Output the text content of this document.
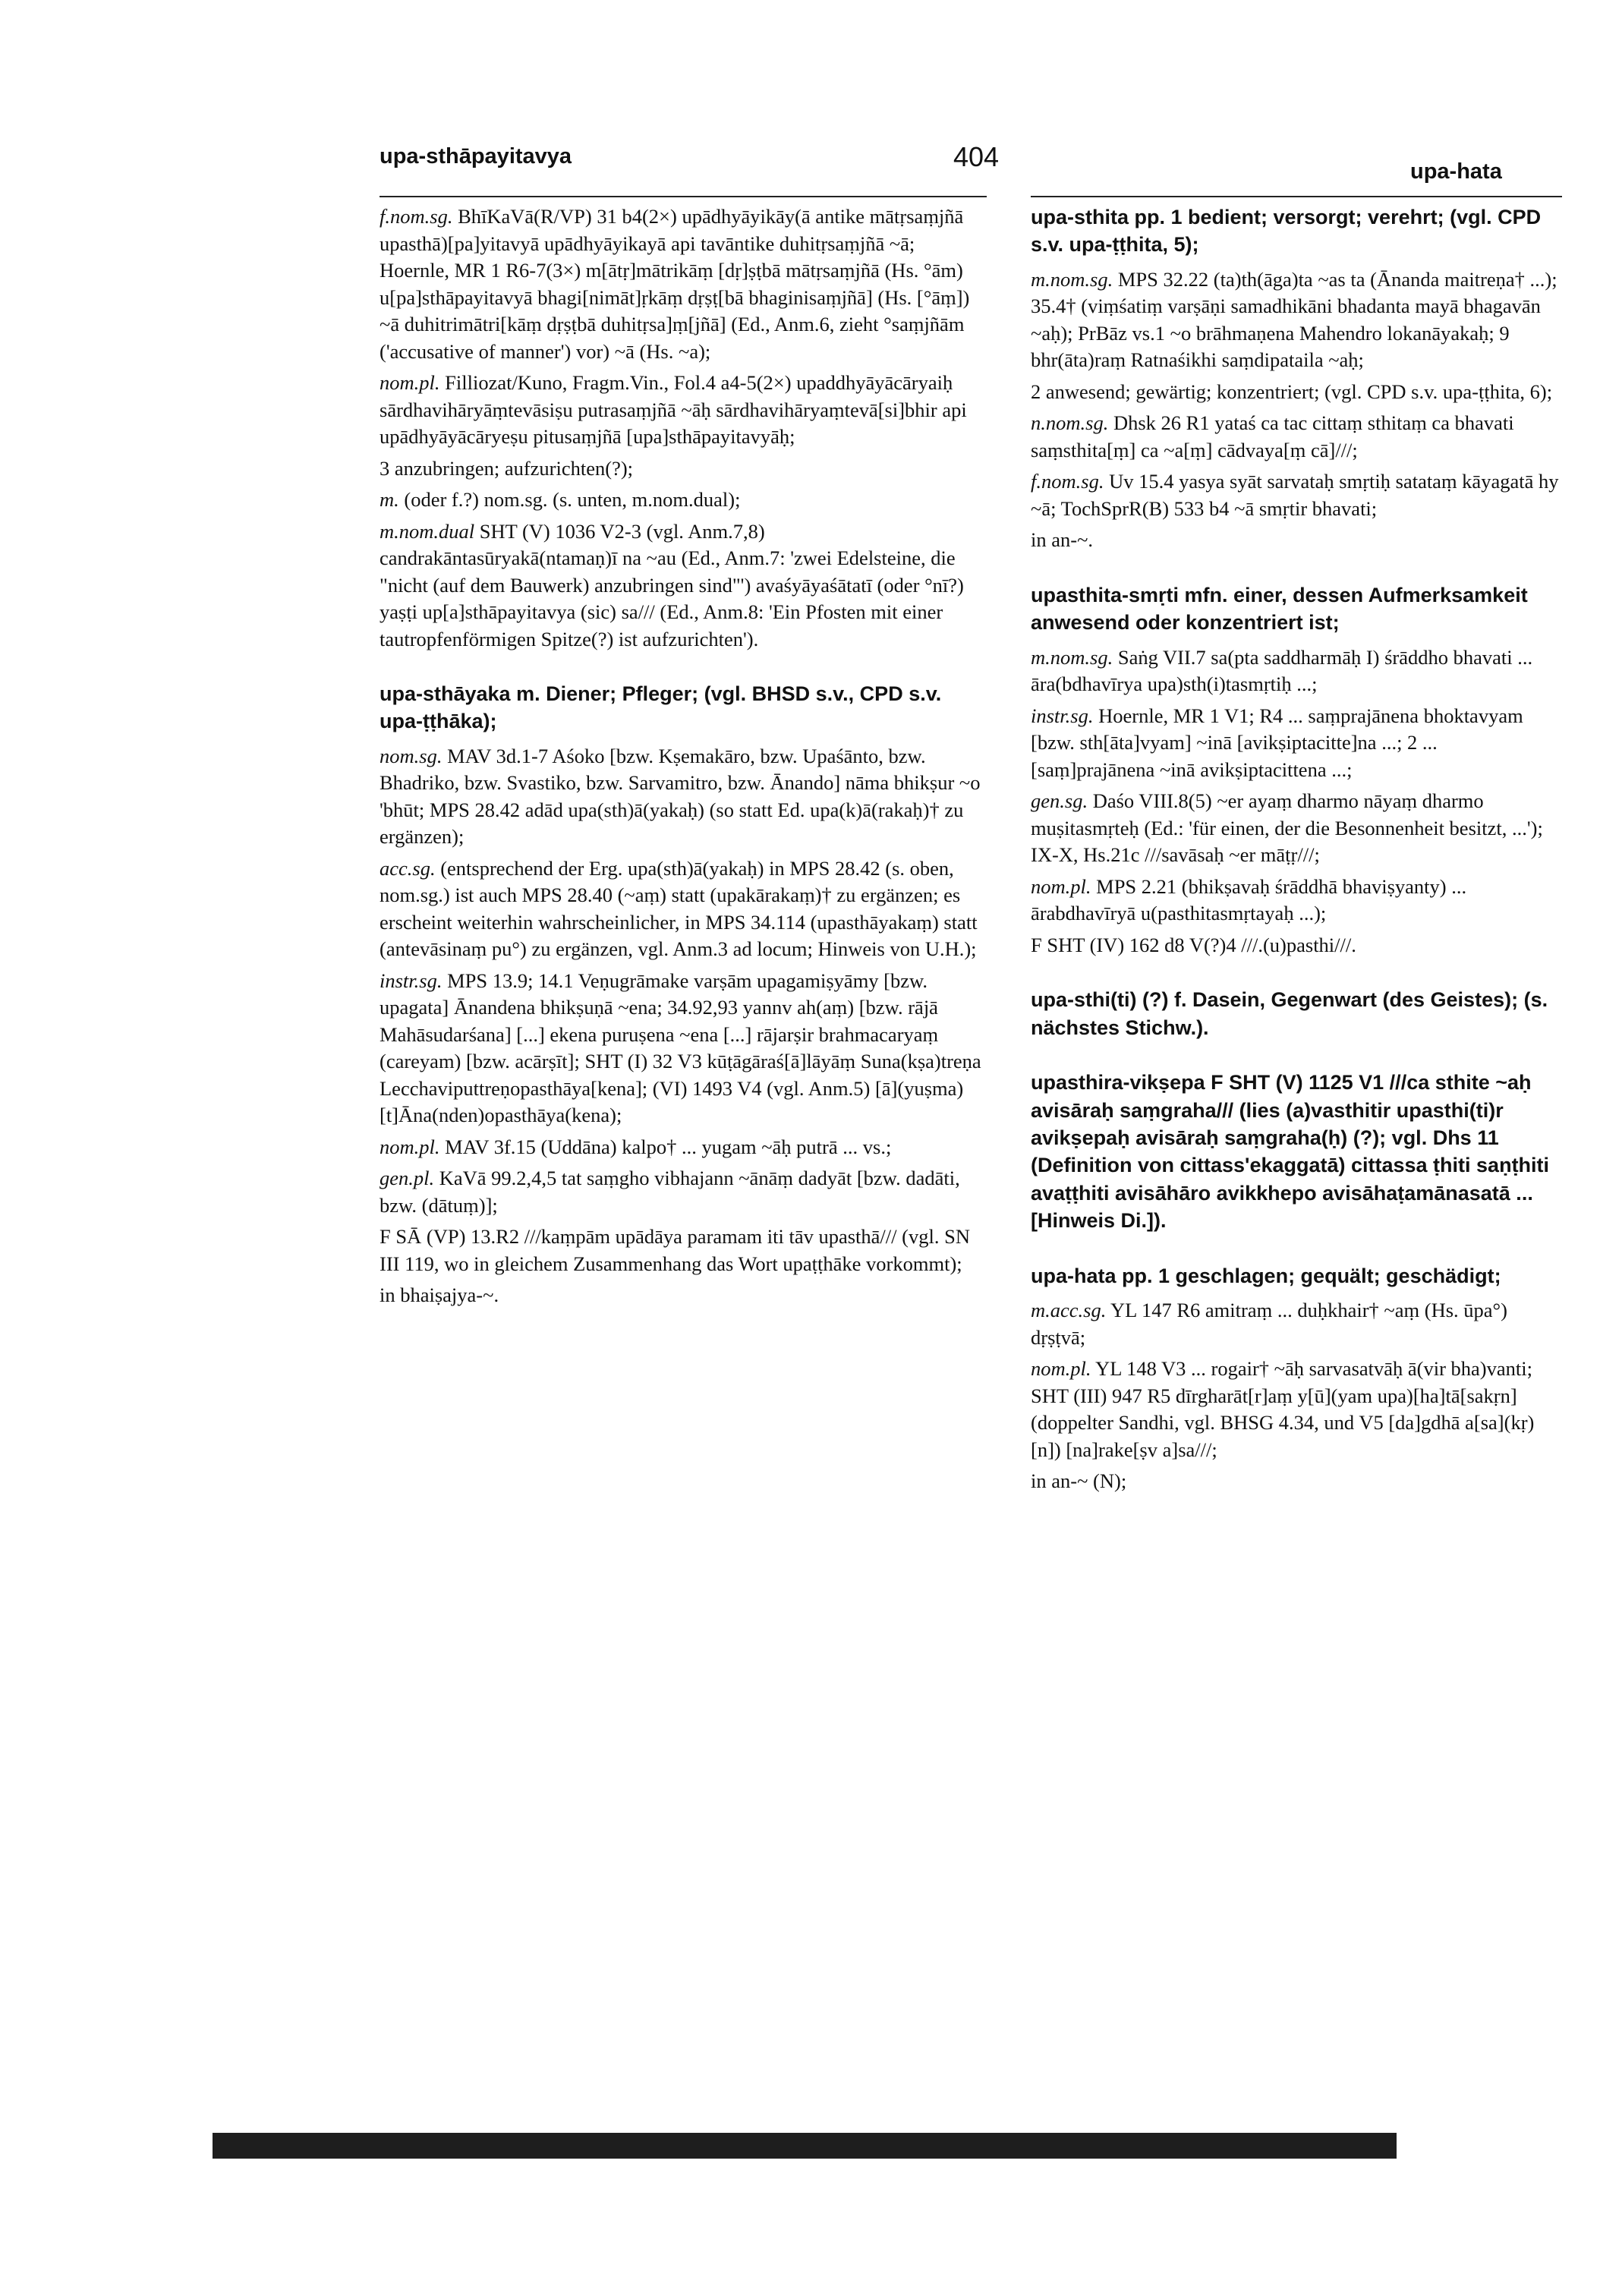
upa-sthāpayitavya	404	upa-hata
f.nom.sg. BhīKaVā(R/VP) 31 b4(2×) upādhyāyikāy(ā antike mātṛsaṃjñā upasthā)[pa]yitavyā upādhyāyikayā api tavāntike duhitṛsaṃjñā ~ā; Hoernle, MR 1 R6-7(3×) m[ātṛ]mātrikāṃ [dṛ]ṣṭbā mātṛsaṃjñā (Hs. °ām) u[pa]sthāpayitavyā bhagi[nimāt]ṛkāṃ dṛṣṭ[bā bhaginisaṃjñā] (Hs. [°āṃ]) ~ā duhitrimātri[kāṃ dṛṣṭbā duhitṛsa]ṃ[jñā] (Ed., Anm.6, zieht °saṃjñām ('accusative of manner') vor) ~ā (Hs. ~a);
nom.pl. Filliozat/Kuno, Fragm.Vin., Fol.4 a4-5(2×) upaddhyāyācāryaiḥ sārdhavihāryāṃtevāsiṣu putrasaṃjñā ~āḥ sārdhavihāryaṃtevā[si]bhir api upādhyāyācāryeṣu pitusaṃjñā [upa]sthāpayitavyāḥ;
3 anzubringen; aufzurichten(?);
m. (oder f.?) nom.sg. (s. unten, m.nom.dual);
m.nom.dual SHT (V) 1036 V2-3 (vgl. Anm.7,8) candrakāntasūryakā(ntamaṇ)ī na ~au (Ed., Anm.7: 'zwei Edelsteine, die "nicht (auf dem Bauwerk) anzubringen sind"') avaśyāyaśātatī (oder °nī?) yaṣṭi up[a]sthāpayitavya (sic) sa/// (Ed., Anm.8: 'Ein Pfosten mit einer tautropfenförmigen Spitze(?) ist aufzurichten').
upa-sthāyaka m. Diener; Pfleger; (vgl. BHSD s.v., CPD s.v. upa-ṭṭhāka);
nom.sg. MAV 3d.1-7 Aśoko [bzw. Kṣemakāro, bzw. Upaśānto, bzw. Bhadriko, bzw. Svastiko, bzw. Sarvamitro, bzw. Ānando] nāma bhikṣur ~o 'bhūt; MPS 28.42 adād upa(sth)ā(yakaḥ) (so statt Ed. upa(k)ā(rakaḥ)† zu ergänzen);
acc.sg. (entsprechend der Erg. upa(sth)ā(yakaḥ) in MPS 28.42 (s. oben, nom.sg.) ist auch MPS 28.40 (~aṃ) statt (upakārakaṃ)† zu ergänzen; es erscheint weiterhin wahrscheinlicher, in MPS 34.114 (upasthāyakaṃ) statt (antevāsinaṃ pu°) zu ergänzen, vgl. Anm.3 ad locum; Hinweis von U.H.);
instr.sg. MPS 13.9; 14.1 Veṇugrāmake varṣām upagamiṣyāmy [bzw. upagata] Ānandena bhikṣuṇā ~ena; 34.92,93 yannv ah(aṃ) [bzw. rājā Mahāsudarśana] [...] ekena puruṣena ~ena [...] rājarṣir brahmacaryaṃ (careyam) [bzw. acārṣīt]; SHT (I) 32 V3 kūṭāgāraś[ā]lāyāṃ Suna(kṣa)treṇa Lecchaviputtreṇopasthāya[kena]; (VI) 1493 V4 (vgl. Anm.5) [ā](yuṣma)[t]Āna(nden)opasthāya(kena);
nom.pl. MAV 3f.15 (Uddāna) kalpo† ... yugam ~āḥ putrā ... vs.;
gen.pl. KaVā 99.2,4,5 tat saṃgho vibhajann ~ānāṃ dadyāt [bzw. dadāti, bzw. (dātuṃ)];
F SĀ (VP) 13.R2 ///kaṃpām upādāya paramam iti tāv upasthā/// (vgl. SN III 119, wo in gleichem Zusammenhang das Wort upaṭṭhāke vorkommt);
in bhaiṣajya-~.
upa-sthita pp. 1 bedient; versorgt; verehrt; (vgl. CPD s.v. upa-ṭṭhita, 5);
m.nom.sg. MPS 32.22 (ta)th(āga)ta ~as ta (Ānanda maitreṇa† ...); 35.4† (viṃśatiṃ varṣāṇi samadhikāni bhadanta mayā bhagavān ~aḥ); PrBāz vs.1 ~o brāhmaṇena Mahendro lokanāyakaḥ; 9 bhr(āta)raṃ Ratnaśikhi saṃdipataila ~aḥ;
2 anwesend; gewärtig; konzentriert; (vgl. CPD s.v. upa-ṭṭhita, 6);
n.nom.sg. Dhsk 26 R1 yataś ca tac cittaṃ sthitaṃ ca bhavati saṃsthita[ṃ] ca ~a[ṃ] cādvaya[ṃ cā]///;
f.nom.sg. Uv 15.4 yasya syāt sarvataḥ smṛtiḥ satataṃ kāyagatā hy ~ā; TochSprR(B) 533 b4 ~ā smṛtir bhavati;
in an-~.
upasthita-smṛti mfn. einer, dessen Aufmerksamkeit anwesend oder konzentriert ist;
m.nom.sg. Saṅg VII.7 sa(pta saddharmāḥ I) śrāddho bhavati ... āra(bdhavīrya upa)sth(i)tasmṛtiḥ ...;
instr.sg. Hoernle, MR 1 V1; R4 ... saṃprajānena bhoktavyam [bzw. sth[āta]vyam] ~inā [avikṣiptacitte]na ...; 2 ... [saṃ]prajānena ~inā avikṣiptacittena ...;
gen.sg. Daśo VIII.8(5) ~er ayaṃ dharmo nāyaṃ dharmo muṣitasmṛteḥ (Ed.: 'für einen, der die Besonnenheit besitzt, ...'); IX-X, Hs.21c ///savāsaḥ ~er māṭṛ///;
nom.pl. MPS 2.21 (bhikṣavaḥ śrāddhā bhaviṣyanty) ... ārabdhavīryā u(pasthitasmṛtayaḥ ...);
F SHT (IV) 162 d8 V(?)4 ///.(u)pasthi///.
upa-sthi(ti) (?) f. Dasein, Gegenwart (des Geistes); (s. nächstes Stichw.).
upasthira-vikṣepa F SHT (V) 1125 V1 ///ca sthite ~aḥ avisāraḥ saṃgraha/// (lies (a)vasthitir upasthi(ti)r avikṣepaḥ avisāraḥ saṃgraha(ḥ) (?); vgl. Dhs 11 (Definition von cittass'ekaggatā) cittassa ṭhiti saṇṭhiti avaṭṭhiti avisāhāro avikkhepo avisāhaṭamānasatā ... [Hinweis Di.]).
upa-hata pp. 1 geschlagen; gequält; geschädigt;
m.acc.sg. YL 147 R6 amitraṃ ... duḥkhair† ~aṃ (Hs. ūpa°) dṛṣṭvā;
nom.pl. YL 148 V3 ... rogair† ~āḥ sarvasatvāḥ ā(vir bha)vanti; SHT (III) 947 R5 dīrgharāt[r]aṃ y[ū](yam upa)[ha]tā[sakṛn] (doppelter Sandhi, vgl. BHSG 4.34, und V5 [da]gdhā a[sa](kṛ)[n]) [na]rake[ṣv a]sa///;
in an-~ (N);
